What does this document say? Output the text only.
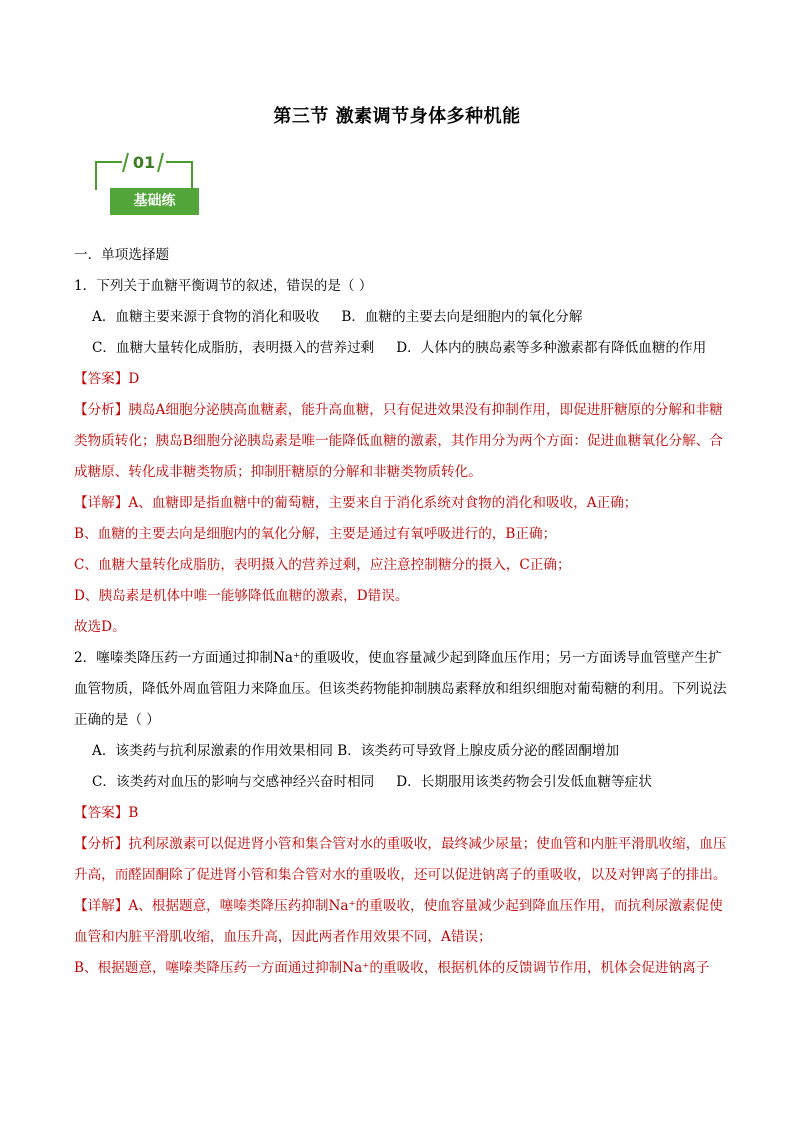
第三节 激素调节身体多种机能
01
基础练
一．单项选择题
1．下列关于血糖平衡调节的叙述，错误的是（ ）
A．血糖主要来源于食物的消化和吸收 B．血糖的主要去向是细胞内的氧化分解
C．血糖大量转化成脂肪，表明摄入的营养过剩 D．人体内的胰岛素等多种激素都有降低血糖的作用
【答案】D
【分析】胰岛A细胞分泌胰高血糖素，能升高血糖，只有促进效果没有抑制作用，即促进肝糖原的分解和非糖类物质转化；胰岛B细胞分泌胰岛素是唯一能降低血糖的激素，其作用分为两个方面：促进血糖氧化分解、合成糖原、转化成非糖类物质；抑制肝糖原的分解和非糖类物质转化。
【详解】A、血糖即是指血糖中的葡萄糖，主要来自于消化系统对食物的消化和吸收，A正确；
B、血糖的主要去向是细胞内的氧化分解，主要是通过有氧呼吸进行的，B正确；
C、血糖大量转化成脂肪，表明摄入的营养过剩，应注意控制糖分的摄入，C正确；
D、胰岛素是机体中唯一能够降低血糖的激素，D错误。
故选D。
2．噻嗪类降压药一方面通过抑制Na⁺的重吸收，使血容量减少起到降血压作用；另一方面诱导血管壁产生扩血管物质，降低外周血管阻力来降血压。但该类药物能抑制胰岛素释放和组织细胞对葡萄糖的利用。下列说法正确的是（ ）
A．该类药与抗利尿激素的作用效果相同 B．该类药可导致肾上腺皮质分泌的醛固酮增加
C．该类药对血压的影响与交感神经兴奋时相同 D．长期服用该类药物会引发低血糖等症状
【答案】B
【分析】抗利尿激素可以促进肾小管和集合管对水的重吸收，最终减少尿量；使血管和内脏平滑肌收缩，血压升高，而醛固酮除了促进肾小管和集合管对水的重吸收，还可以促进钠离子的重吸收，以及对钾离子的排出。
【详解】A、根据题意，噻嗪类降压药抑制Na⁺的重吸收，使血容量减少起到降血压作用，而抗利尿激素促使血管和内脏平滑肌收缩，血压升高，因此两者作用效果不同，A错误；
B、根据题意，噻嗪类降压药一方面通过抑制Na⁺的重吸收，根据机体的反馈调节作用，机体会促进钠离子
